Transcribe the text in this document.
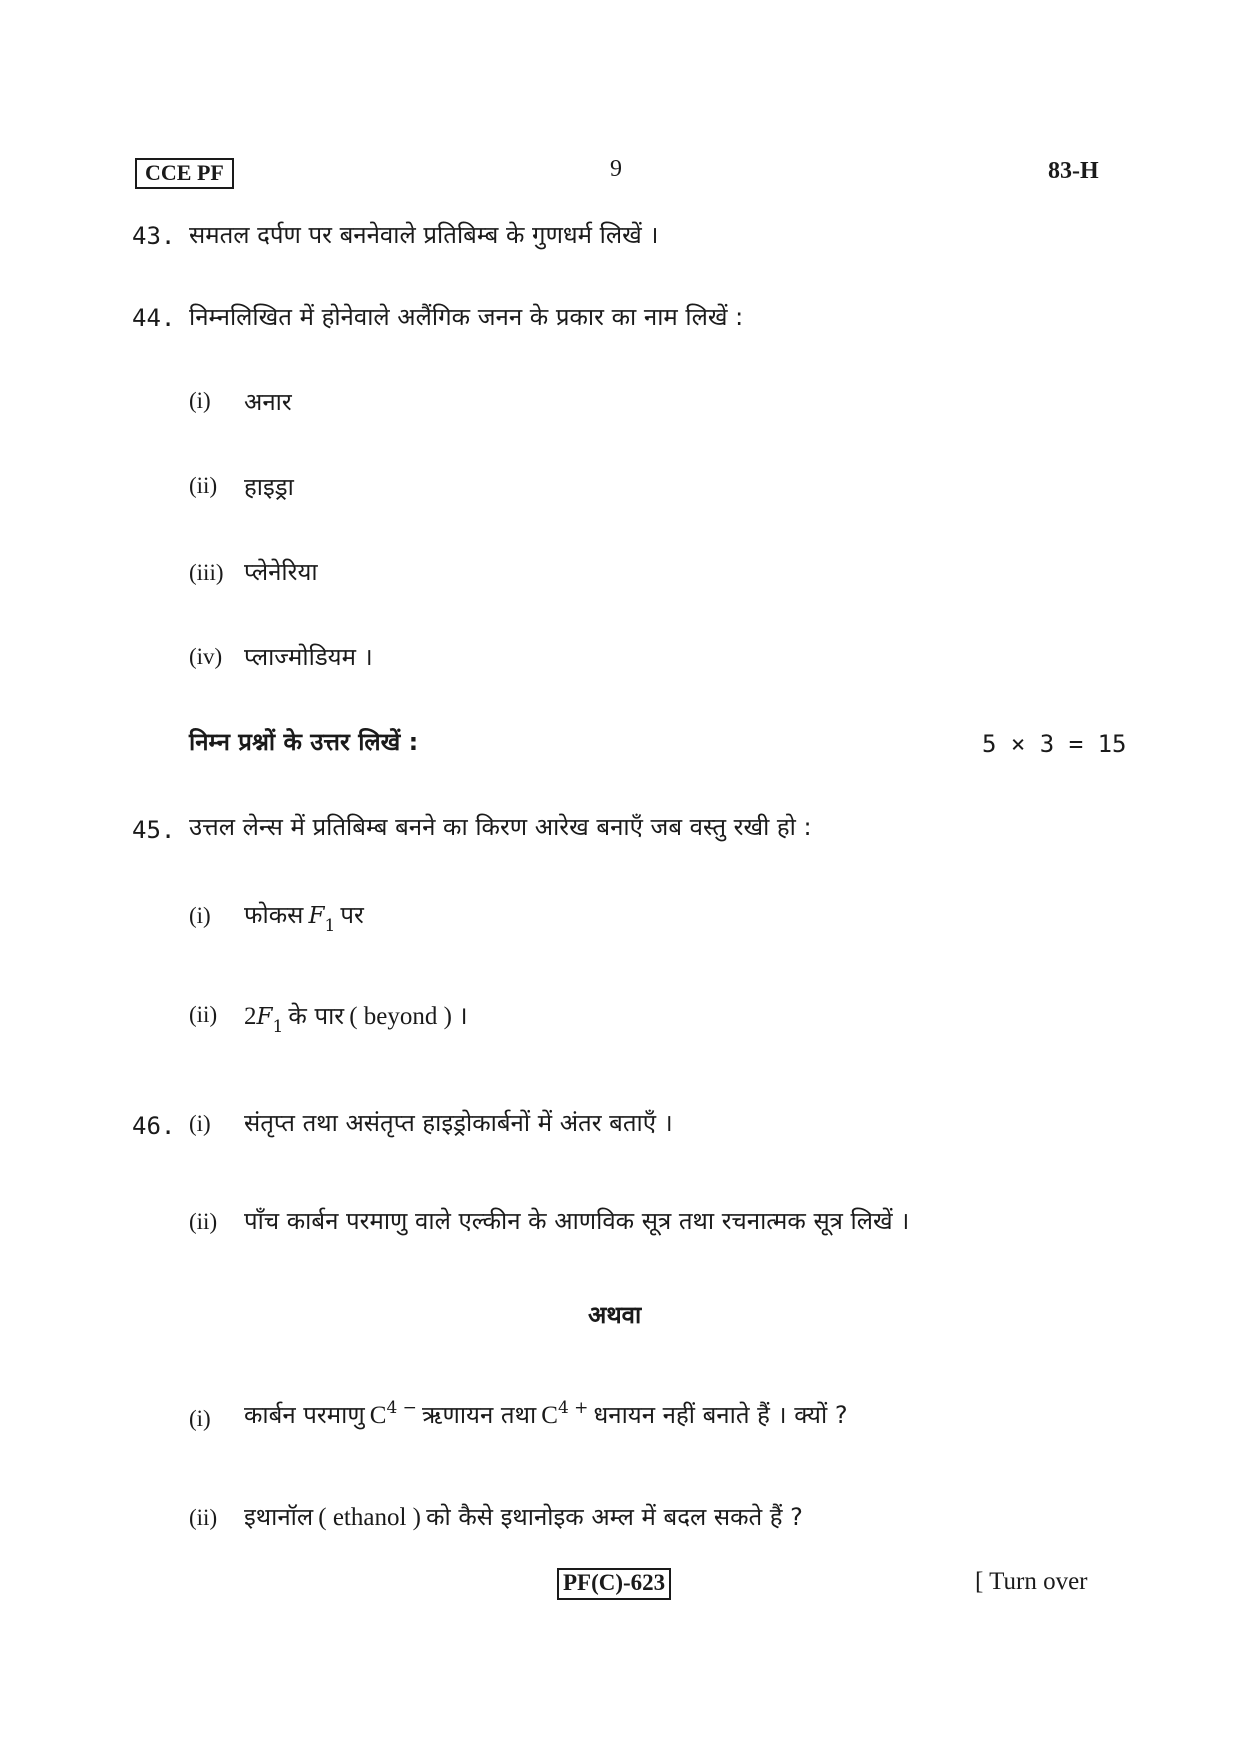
CCE PF	9	83-H
43. समतल दर्पण पर बननेवाले प्रतिबिम्ब के गुणधर्म लिखें ।
44. निम्नलिखित में होनेवाले अलैंगिक जनन के प्रकार का नाम लिखें :
(i) अनार
(ii) हाइड्रा
(iii) प्लेनेरिया
(iv) प्लाज्मोडियम ।
निम्न प्रश्नों के उत्तर लिखें :	5 × 3 = 15
45. उत्तल लेन्स में प्रतिबिम्ब बनने का किरण आरेख बनाएँ जब वस्तु रखी हो :
(i) फोकस F1 पर
(ii) 2F1 के पार ( beyond ) ।
46. (i) संतृप्त तथा असंतृप्त हाइड्रोकार्बनों में अंतर बताएँ ।
(ii) पाँच कार्बन परमाणु वाले एल्कीन के आणविक सूत्र तथा रचनात्मक सूत्र लिखें ।
अथवा
(i) कार्बन परमाणु C4 − ऋणायन तथा C4 + धनायन नहीं बनाते हैं । क्यों ?
(ii) इथानॉल ( ethanol ) को कैसे इथानोइक अम्ल में बदल सकते हैं ?
PF(C)-623	[ Turn over
